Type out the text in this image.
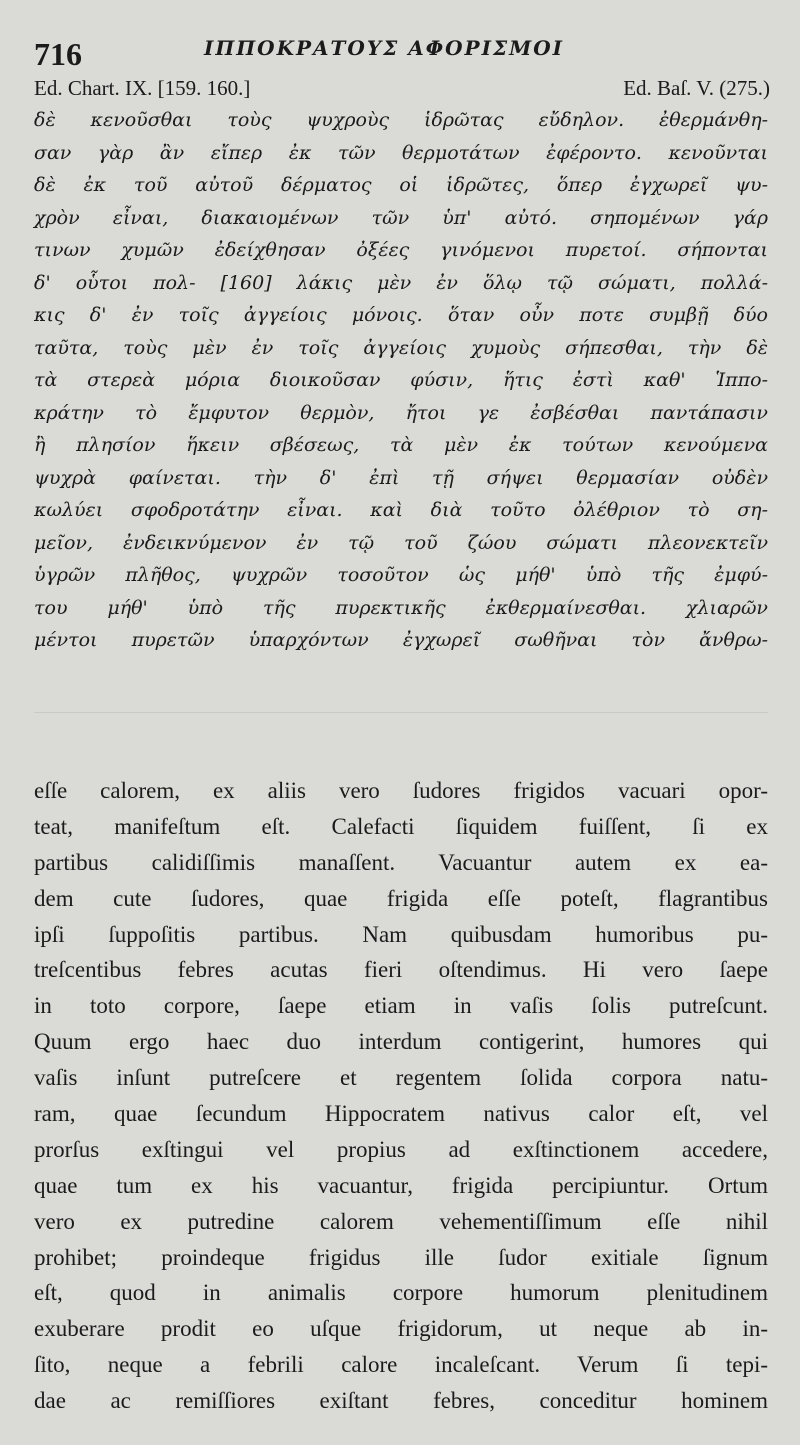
716	ΙΠΠΟΚΡΑΤΟΥΣ ΑΦΟΡΙΣΜΟΙ
Ed. Chart. IX. [159. 160.]	Ed. Baſ. V. (275.)
δὲ κενοῦσθαι τοὺς ψυχροὺς ἱδρῶτας εὔδηλον. ἐθερμάνθη-
σαν γὰρ ἂν εἴπερ ἐκ τῶν θερμοτάτων ἐφέροντο. κενοῦνται
δὲ ἐκ τοῦ αὐτοῦ δέρματος οἱ ἱδρῶτες, ὅπερ ἐγχωρεῖ ψυ-
χρὸν εἶναι, διακαιομένων τῶν ὑπ' αὐτό. σηπομένων γάρ
τινων χυμῶν ἐδείχθησαν ὀξέες γινόμενοι πυρετοί. σήπονται
δ' οὗτοι πολ- [160] λάκις μὲν ἐν ὅλῳ τῷ σώματι, πολλά-
κις δ' ἐν τοῖς ἀγγείοις μόνοις. ὅταν οὖν ποτε συμβῇ δύο
ταῦτα, τοὺς μὲν ἐν τοῖς ἀγγείοις χυμοὺς σήπεσθαι, τὴν δὲ
τὰ στερεὰ μόρια διοικοῦσαν φύσιν, ἥτις ἐστὶ καθ' Ἱππο-
κράτην τὸ ἔμφυτον θερμὸν, ἤτοι γε ἐσβέσθαι παντάπασιν
ἢ πλησίον ἥκειν σβέσεως, τὰ μὲν ἐκ τούτων κενούμενα
ψυχρὰ φαίνεται. τὴν δ' ἐπὶ τῇ σήψει θερμασίαν οὐδὲν
κωλύει σφοδροτάτην εἶναι. καὶ διὰ τοῦτο ὀλέθριον τὸ ση-
μεῖον, ἐνδεικνύμενον ἐν τῷ τοῦ ζώου σώματι πλεονεκτεῖν
ὑγρῶν πλῆθος, ψυχρῶν τοσοῦτον ὡς μήθ' ὑπὸ τῆς ἐμφύ-
του μήθ' ὑπὸ τῆς πυρεκτικῆς ἐκθερμαίνεσθαι. χλιαρῶν
μέντοι πυρετῶν ὑπαρχόντων ἐγχωρεῖ σωθῆναι τὸν ἄνθρω-
eſſe calorem, ex aliis vero ſudores frigidos vacuari opor-
teat, manifeſtum eſt. Calefacti ſiquidem fuiſſent, ſi ex
partibus calidiſſimis manaſſent. Vacuantur autem ex ea-
dem cute ſudores, quae frigida eſſe poteſt, flagrantibus
ipſi ſuppoſitis partibus. Nam quibusdam humoribus pu-
treſcentibus febres acutas fieri oſtendimus. Hi vero ſaepe
in toto corpore, ſaepe etiam in vaſis ſolis putreſcunt.
Quum ergo haec duo interdum contigerint, humores qui
vaſis inſunt putreſcere et regentem ſolida corpora natu-
ram, quae ſecundum Hippocratem nativus calor eſt, vel
prorſus exſtingui vel propius ad exſtinctionem accedere,
quae tum ex his vacuantur, frigida percipiuntur. Ortum
vero ex putredine calorem vehementiſſimum eſſe nihil
prohibet; proindeque frigidus ille ſudor exitiale ſignum
eſt, quod in animalis corpore humorum plenitudinem
exuberare prodit eo uſque frigidorum, ut neque ab in-
ſito, neque a febrili calore incaleſcant. Verum ſi tepi-
dae ac remiſſiores exiſtant febres, conceditur hominem
